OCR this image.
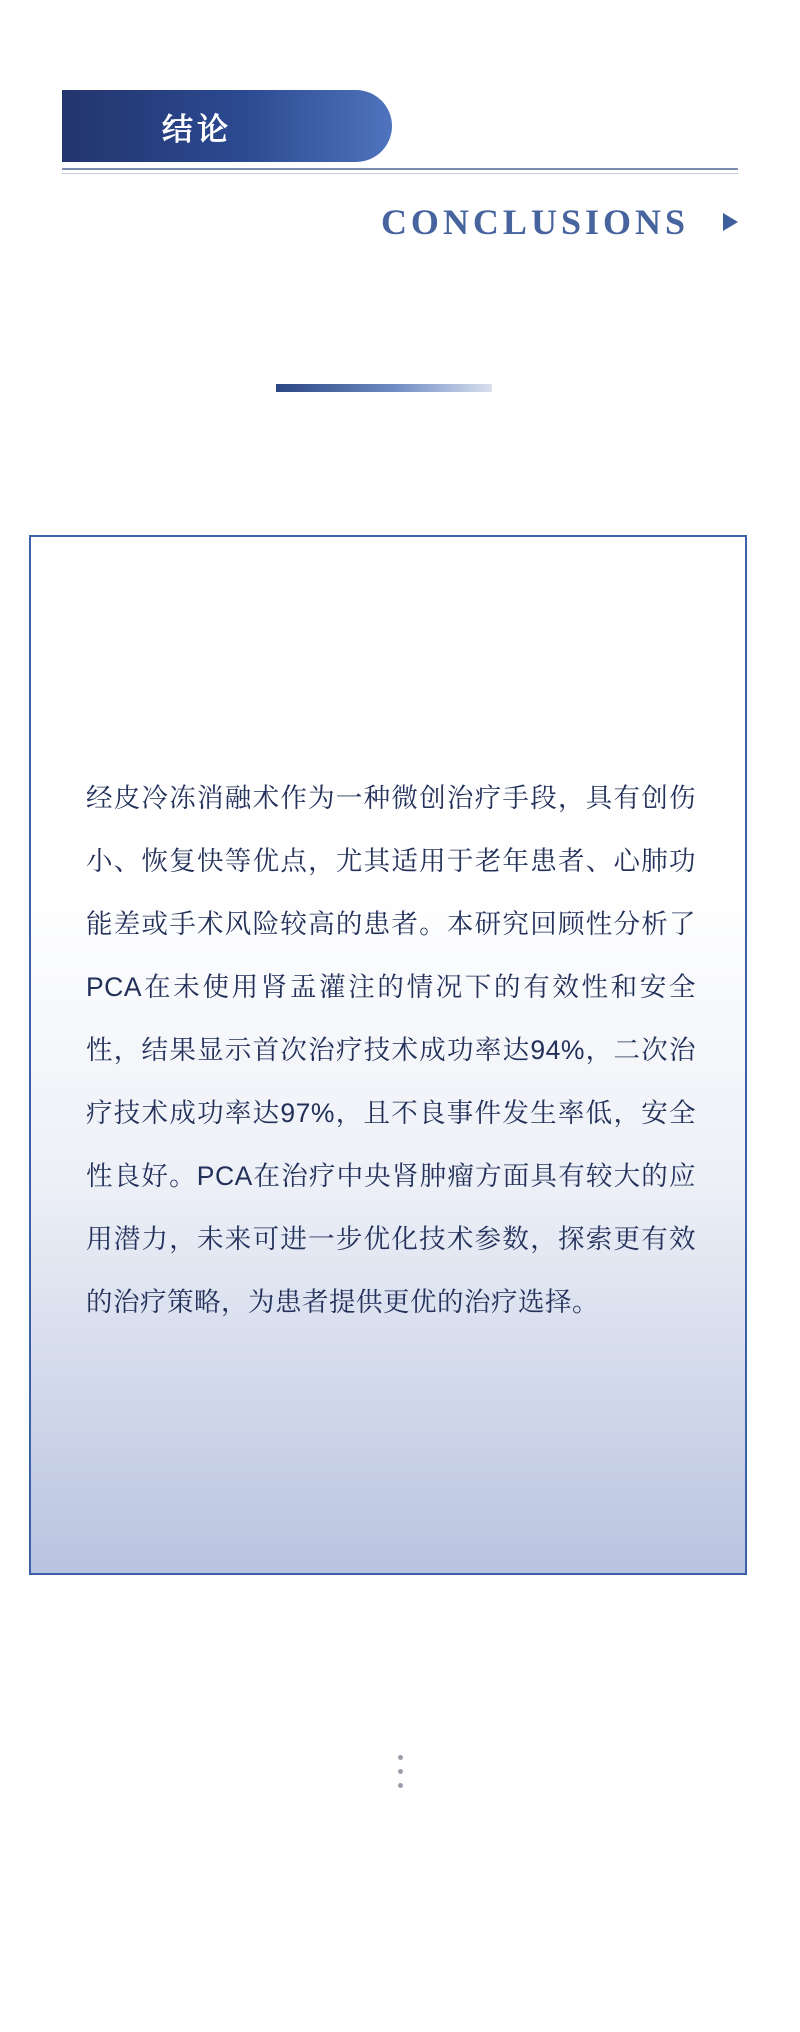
结论
CONCLUSIONS

经皮冷冻消融术作为一种微创治疗手段，具有创伤小、恢复快等优点，尤其适用于老年患者、心肺功能差或手术风险较高的患者。本研究回顾性分析了PCA在未使用肾盂灌注的情况下的有效性和安全性，结果显示首次治疗技术成功率达94%，二次治疗技术成功率达97%，且不良事件发生率低，安全性良好。PCA在治疗中央肾肿瘤方面具有较大的应用潜力，未来可进一步优化技术参数，探索更有效的治疗策略，为患者提供更优的治疗选择。
